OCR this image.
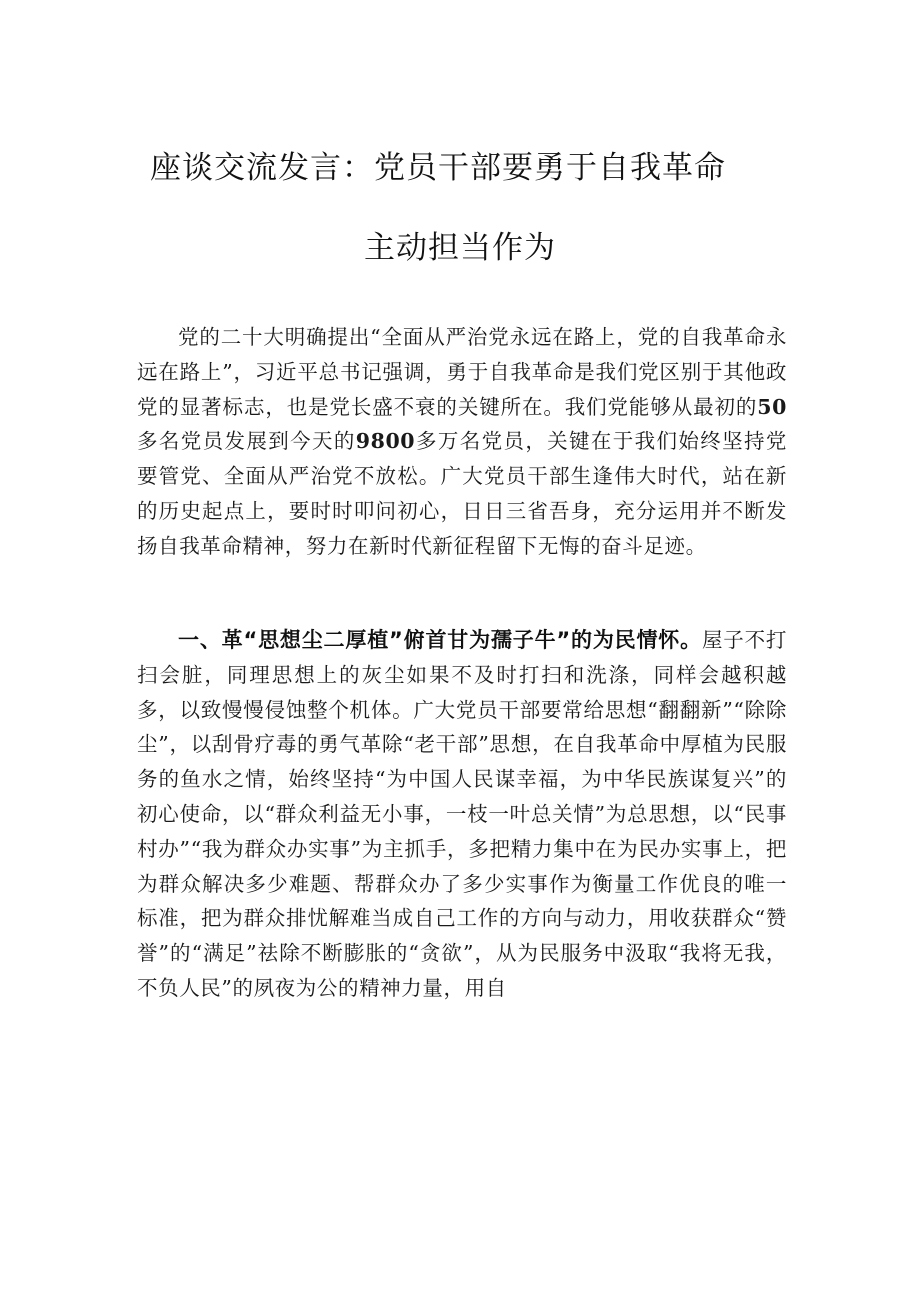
座谈交流发言：党员干部要勇于自我革命
主动担当作为

党的二十大明确提出“全面从严治党永远在路上，党的自我革命永远在路上”，习近平总书记强调，勇于自我革命是我们党区别于其他政党的显著标志，也是党长盛不衰的关键所在。我们党能够从最初的50多名党员发展到今天的9800多万名党员，关键在于我们始终坚持党要管党、全面从严治党不放松。广大党员干部生逢伟大时代，站在新的历史起点上，要时时叩问初心，日日三省吾身，充分运用并不断发扬自我革命精神，努力在新时代新征程留下无悔的奋斗足迹。

一、革“思想尘二厚植”俯首甘为孺子牛”的为民情怀。屋子不打扫会脏，同理思想上的灰尘如果不及时打扫和洗涤，同样会越积越多，以致慢慢侵蚀整个机体。广大党员干部要常给思想“翻翻新”“除除尘”，以刮骨疗毒的勇气革除“老干部”思想，在自我革命中厚植为民服务的鱼水之情，始终坚持“为中国人民谋幸福，为中华民族谋复兴”的初心使命，以“群众利益无小事，一枝一叶总关情”为总思想，以“民事村办”“我为群众办实事”为主抓手，多把精力集中在为民办实事上，把为群众解决多少难题、帮群众办了多少实事作为衡量工作优良的唯一标准，把为群众排忧解难当成自己工作的方向与动力，用收获群众“赞誉”的“满足”祛除不断膨胀的“贪欲”，从为民服务中汲取“我将无我，不负人民”的夙夜为公的精神力量，用自
